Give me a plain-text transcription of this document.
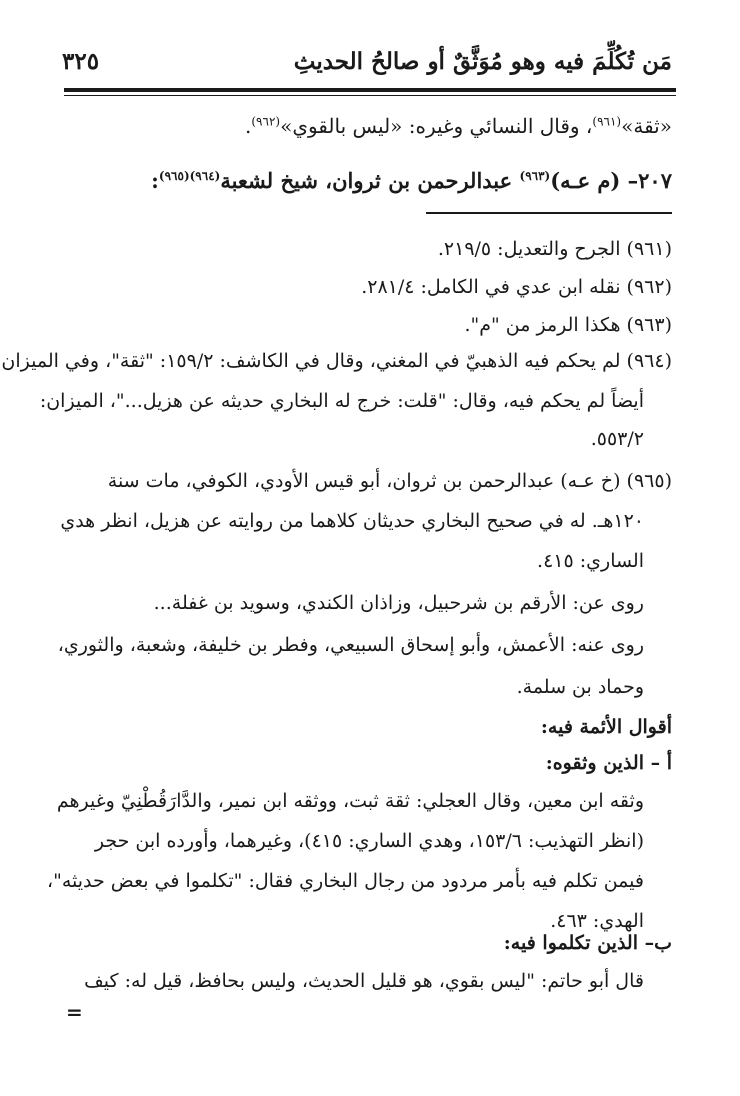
مَن تُكُلِّمَ فيه وهو مُوَثَّقٌ أو صالحُ الحديثِ
٣٢٥
«ثقة»$^{(٩٦١)}$، وقال النسائي وغيره: «ليس بالقوي»$^{(٩٦٢)}$.
٢٠٧– (م عـه)$^{(٩٦٣)}$ عبدالرحمن بن ثروان، شيخ لشعبة$^{(٩٦٤)(٩٦٥)}$:
(٩٦١) الجرح والتعديل: ٢١٩/٥.
(٩٦٢) نقله ابن عدي في الكامل: ٢٨١/٤.
(٩٦٣) هكذا الرمز من "م".
(٩٦٤) لم يحكم فيه الذهبيّ في المغني، وقال في الكاشف: ١٥٩/٢: "ثقة"، وفي الميزان
أيضاً لم يحكم فيه، وقال: "قلت: خرج له البخاري حديثه عن هزيل..."، الميزان:
٥٥٣/٢.
(٩٦٥) (خ عـه) عبدالرحمن بن ثروان، أبو قيس الأودي، الكوفي، مات سنة
١٢٠هـ. له في صحيح البخاري حديثان كلاهما من روايته عن هزيل، انظر هدي
الساري: ٤١٥.
روى عن: الأرقم بن شرحبيل، وزاذان الكندي، وسويد بن غفلة...
روى عنه: الأعمش، وأبو إسحاق السبيعي، وفطر بن خليفة، وشعبة، والثوري،
وحماد بن سلمة.
أقوال الأئمة فيه:
أ – الذين وثقوه:
وثقه ابن معين، وقال العجلي: ثقة ثبت، ووثقه ابن نمير، والدَّارَقُطْنِيّ وغيرهم
(انظر التهذيب: ١٥٣/٦، وهدي الساري: ٤١٥)، وغيرهما، وأورده ابن حجر
فيمن تكلم فيه بأمر مردود من رجال البخاري فقال: "تكلموا في بعض حديثه"،
الهدي: ٤٦٣.
ب– الذين تكلموا فيه:
قال أبو حاتم: "ليس بقوي، هو قليل الحديث، وليس بحافظ، قيل له: كيف
=
